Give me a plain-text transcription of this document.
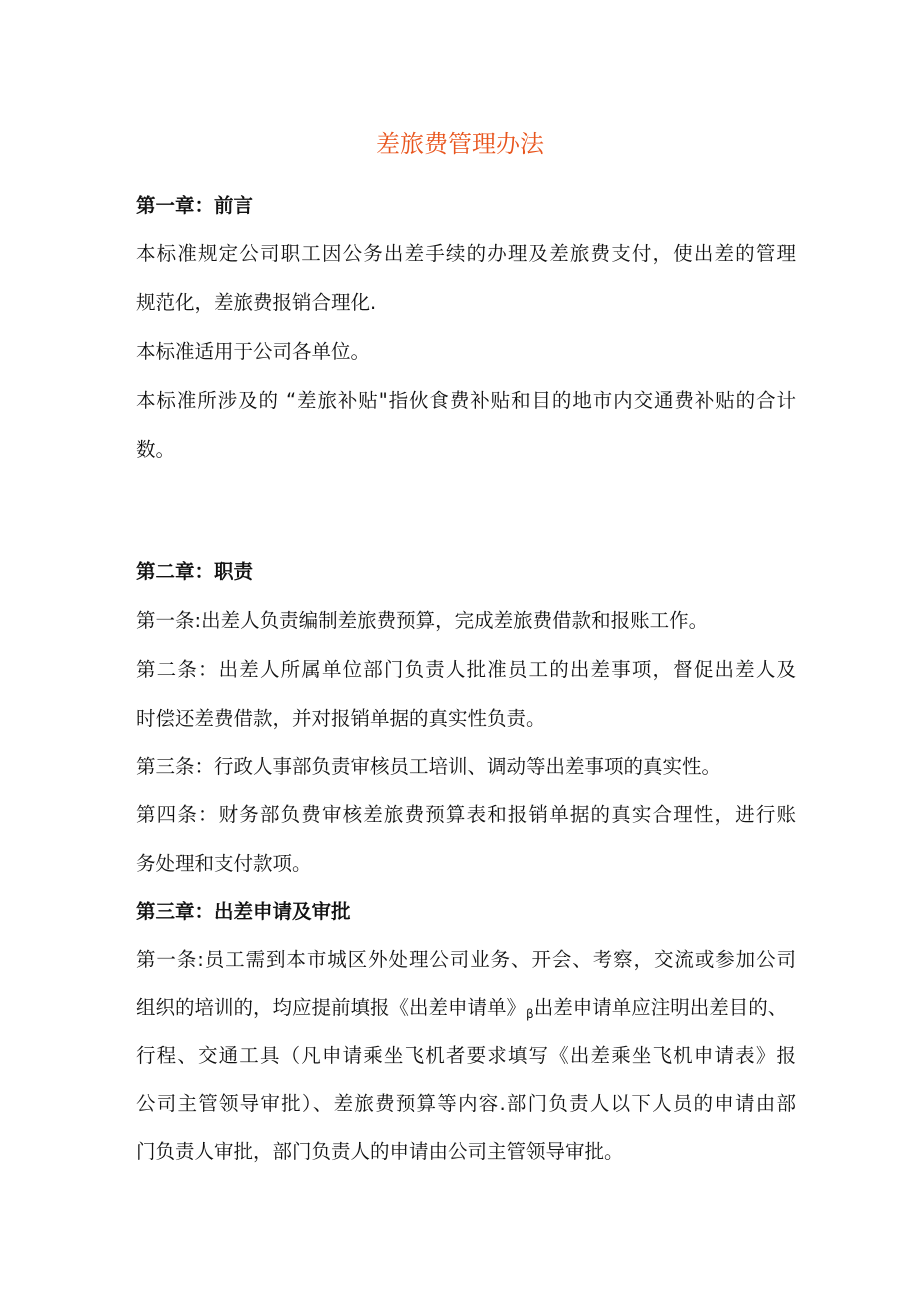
差旅费管理办法
第一章：前言
本标准规定公司职工因公务出差手续的办理及差旅费支付，使出差的管理
规范化，差旅费报销合理化.
本标准适用于公司各单位。
本标准所涉及的 “差旅补贴"指伙食费补贴和目的地市内交通费补贴的合计
数。
第二章：职责
第一条:出差人负责编制差旅费预算，完成差旅费借款和报账工作。
第二条：出差人所属单位部门负责人批准员工的出差事项，督促出差人及
时偿还差费借款，并对报销单据的真实性负责。
第三条：行政人事部负责审核员工培训、调动等出差事项的真实性。
第四条：财务部负费审核差旅费预算表和报销单据的真实合理性，进行账
务处理和支付款项。
第三章：出差申请及审批
第一条:员工需到本市城区外处理公司业务、开会、考察，交流或参加公司
组织的培训的，均应提前填报《出差申请单》$_\beta$出差申请单应注明出差目的、
行程、交通工具（凡申请乘坐飞机者要求填写《出差乘坐飞机申请表》报
公司主管领导审批）、差旅费预算等内容.部门负责人以下人员的申请由部
门负责人审批，部门负责人的申请由公司主管领导审批。
